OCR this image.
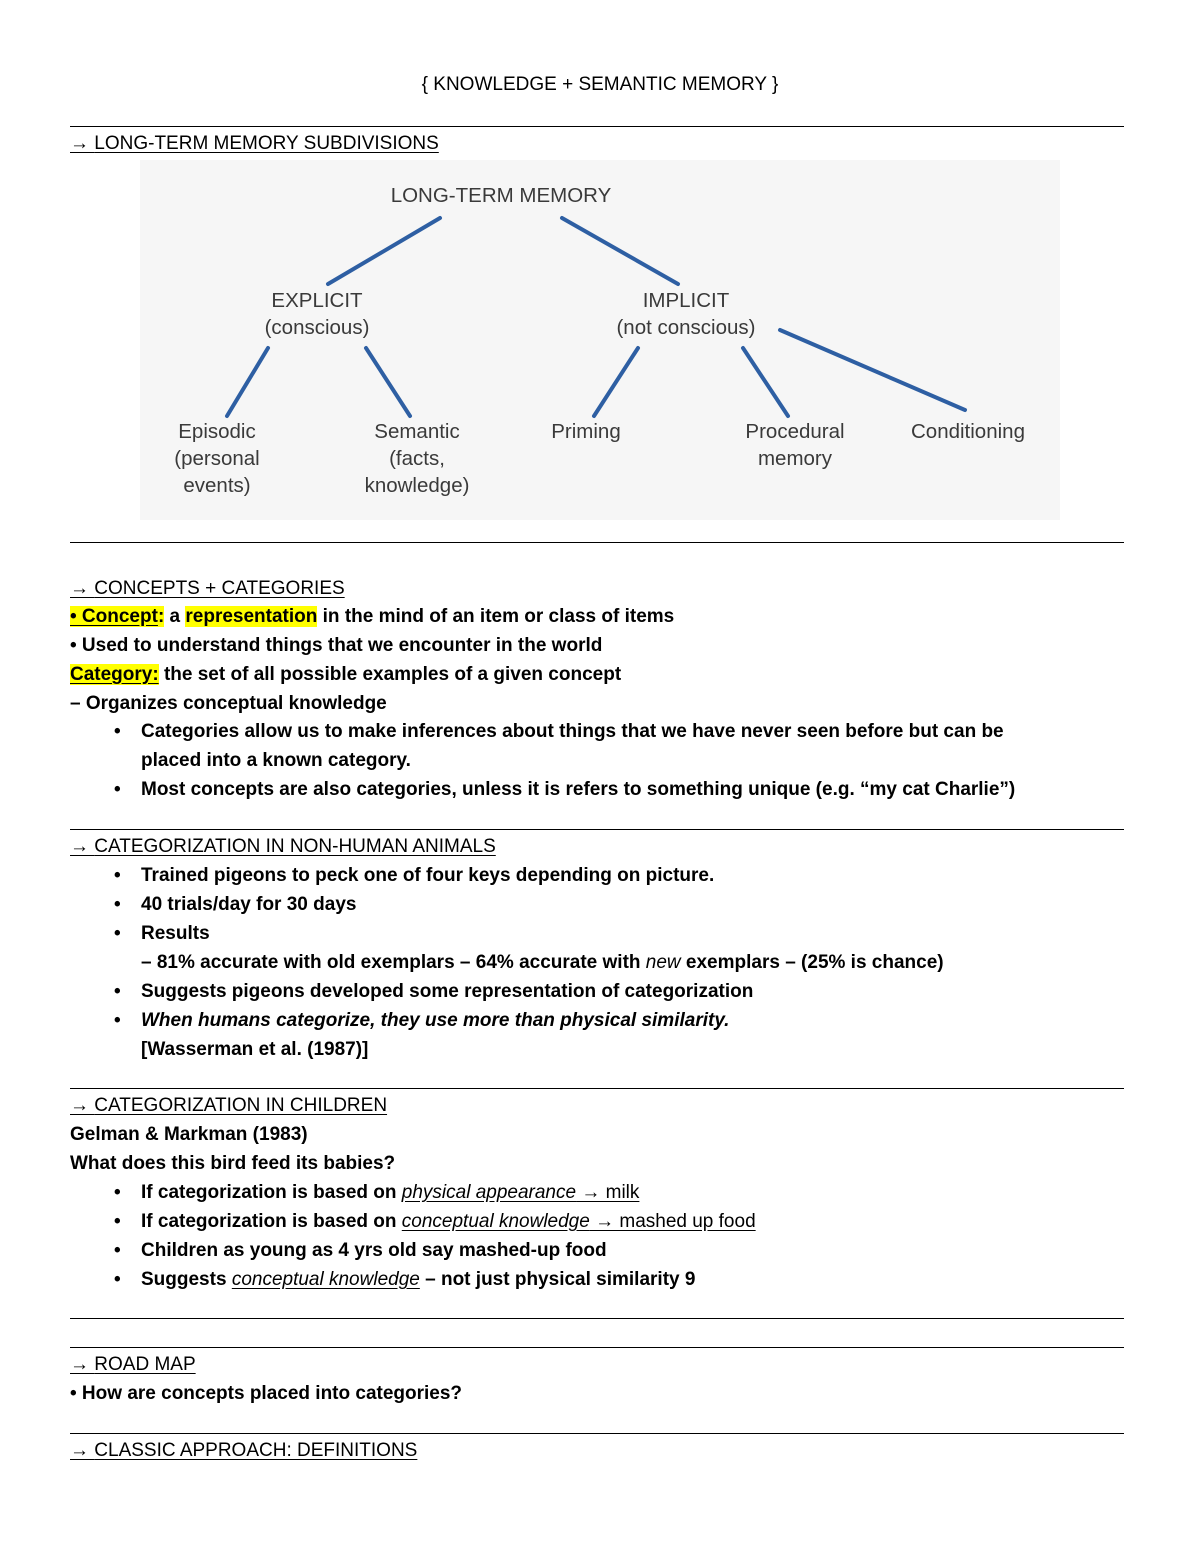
{ KNOWLEDGE + SEMANTIC MEMORY }
→ LONG-TERM MEMORY SUBDIVISIONS
LONG-TERM MEMORY
EXPLICIT
(conscious)
IMPLICIT
(not conscious)
Episodic
(personal
events)
Semantic
(facts,
knowledge)
Priming	Procedural
memory
Conditioning
→ CONCEPTS + CATEGORIES
• Concept: a representation in the mind of an item or class of items
• Used to understand things that we encounter in the world
Category: the set of all possible examples of a given concept
– Organizes conceptual knowledge
• Categories allow us to make inferences about things that we have never seen before but can be
placed into a known category.
• Most concepts are also categories, unless it is refers to something unique (e.g. “my cat Charlie”)
→ CATEGORIZATION IN NON-HUMAN ANIMALS
• Trained pigeons to peck one of four keys depending on picture.
• 40 trials/day for 30 days
• Results
– 81% accurate with old exemplars – 64% accurate with new exemplars – (25% is chance)
• Suggests pigeons developed some representation of categorization
• When humans categorize, they use more than physical similarity.
[Wasserman et al. (1987)]
→ CATEGORIZATION IN CHILDREN
Gelman & Markman (1983)
What does this bird feed its babies?
• If categorization is based on physical appearance → milk
• If categorization is based on conceptual knowledge → mashed up food
• Children as young as 4 yrs old say mashed-up food
• Suggests conceptual knowledge – not just physical similarity 9
→ ROAD MAP
• How are concepts placed into categories?
→ CLASSIC APPROACH: DEFINITIONS
